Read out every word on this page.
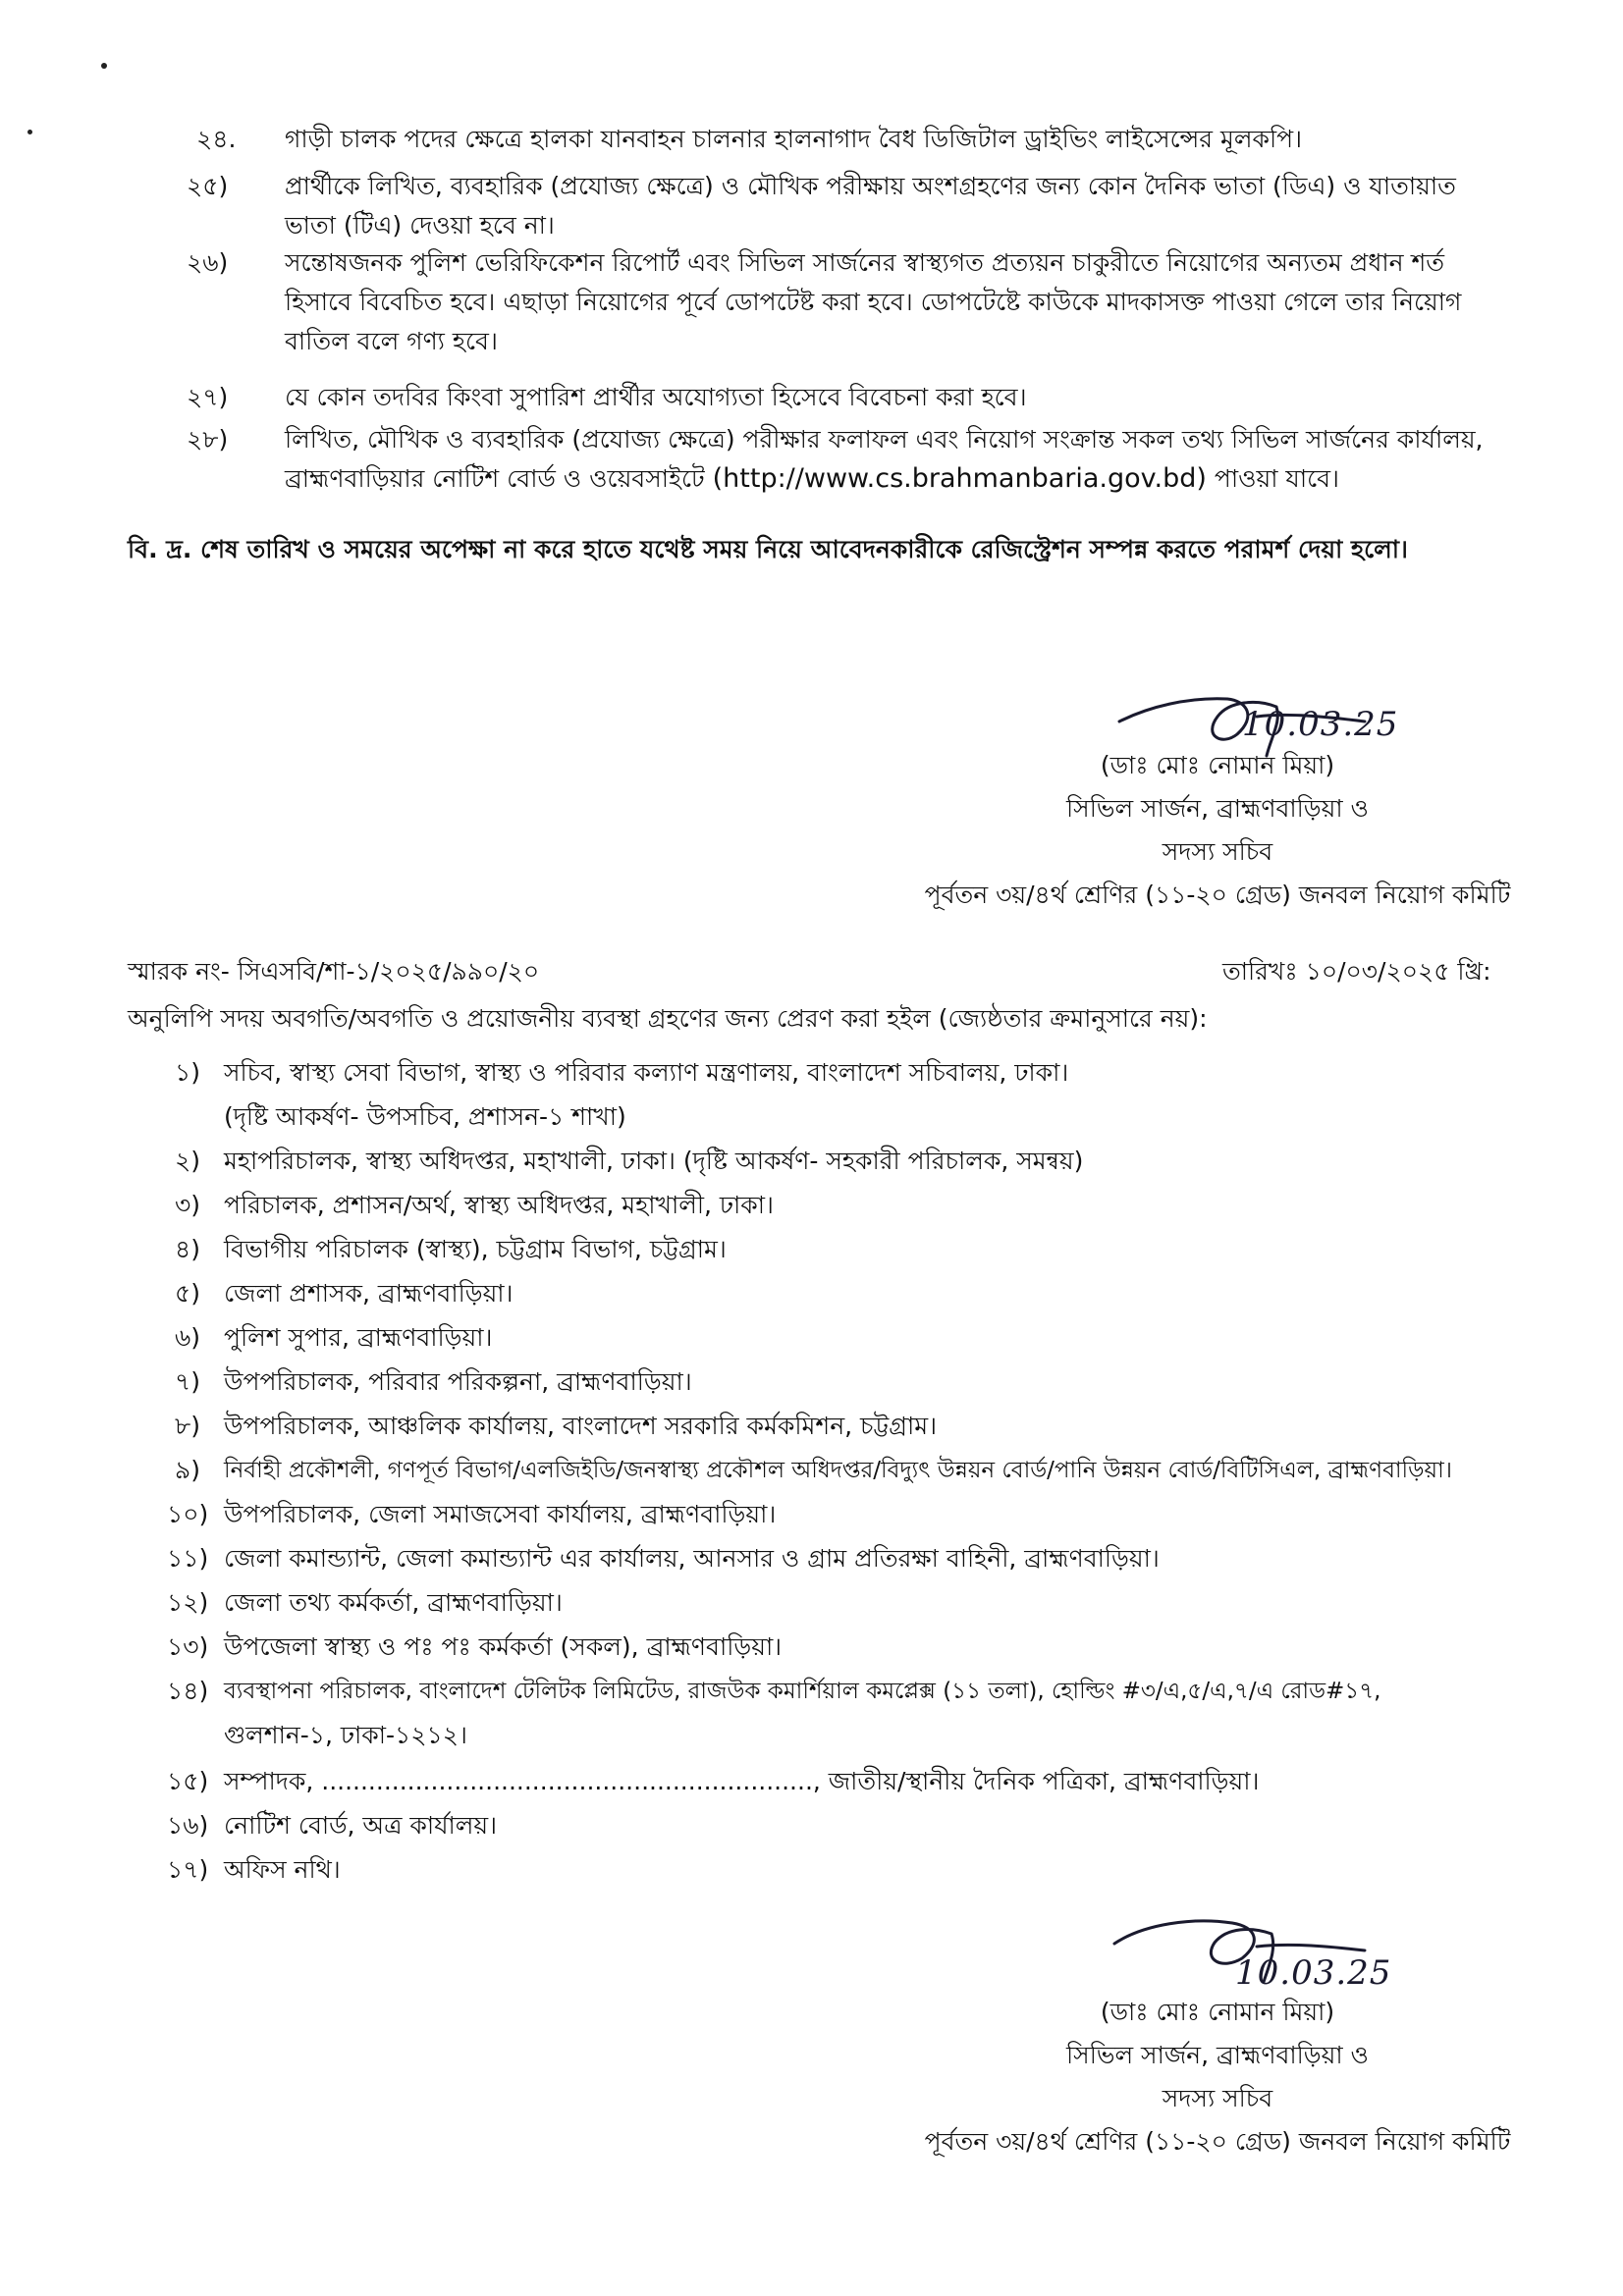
২৪. গাড়ী চালক পদের ক্ষেত্রে হালকা যানবাহন চালনার হালনাগাদ বৈধ ডিজিটাল ড্রাইভিং লাইসেন্সের মূলকপি।
২৫) প্রার্থীকে লিখিত, ব্যবহারিক (প্রযোজ্য ক্ষেত্রে) ও মৌখিক পরীক্ষায় অংশগ্রহণের জন্য কোন দৈনিক ভাতা (ডিএ) ও যাতায়াত ভাতা (টিএ) দেওয়া হবে না।
২৬) সন্তোষজনক পুলিশ ভেরিফিকেশন রিপোর্ট এবং সিভিল সার্জনের স্বাস্থ্যগত প্রত্যয়ন চাকুরীতে নিয়োগের অন্যতম প্রধান শর্ত হিসাবে বিবেচিত হবে। এছাড়া নিয়োগের পূর্বে ডোপটেষ্ট করা হবে। ডোপটেষ্টে কাউকে মাদকাসক্ত পাওয়া গেলে তার নিয়োগ বাতিল বলে গণ্য হবে।
২৭) যে কোন তদবির কিংবা সুপারিশ প্রার্থীর অযোগ্যতা হিসেবে বিবেচনা করা হবে।
২৮) লিখিত, মৌখিক ও ব্যবহারিক (প্রযোজ্য ক্ষেত্রে) পরীক্ষার ফলাফল এবং নিয়োগ সংক্রান্ত সকল তথ্য সিভিল সার্জনের কার্যালয়, ব্রাহ্মণবাড়িয়ার নোটিশ বোর্ড ও ওয়েবসাইটে (http://www.cs.brahmanbaria.gov.bd) পাওয়া যাবে।
বি. দ্র. শেষ তারিখ ও সময়ের অপেক্ষা না করে হাতে যথেষ্ট সময় নিয়ে আবেদনকারীকে রেজিস্ট্রেশন সম্পন্ন করতে পরামর্শ দেয়া হলো।
10.03.25
(ডাঃ মোঃ নোমান মিয়া)
সিভিল সার্জন, ব্রাহ্মণবাড়িয়া ও
সদস্য সচিব
পূর্বতন ৩য়/৪র্থ শ্রেণির (১১-২০ গ্রেড) জনবল নিয়োগ কমিটি
স্মারক নং- সিএসবি/শা-১/২০২৫/৯৯০/২০	তারিখঃ ১০/০৩/২০২৫ খ্রি:
অনুলিপি সদয় অবগতি/অবগতি ও প্রয়োজনীয় ব্যবস্থা গ্রহণের জন্য প্রেরণ করা হইল (জ্যেষ্ঠতার ক্রমানুসারে নয়):
১) সচিব, স্বাস্থ্য সেবা বিভাগ, স্বাস্থ্য ও পরিবার কল্যাণ মন্ত্রণালয়, বাংলাদেশ সচিবালয়, ঢাকা।
(দৃষ্টি আকর্ষণ- উপসচিব, প্রশাসন-১ শাখা)
২) মহাপরিচালক, স্বাস্থ্য অধিদপ্তর, মহাখালী, ঢাকা। (দৃষ্টি আকর্ষণ- সহকারী পরিচালক, সমন্বয়)
৩) পরিচালক, প্রশাসন/অর্থ, স্বাস্থ্য অধিদপ্তর, মহাখালী, ঢাকা।
৪) বিভাগীয় পরিচালক (স্বাস্থ্য), চট্টগ্রাম বিভাগ, চট্টগ্রাম।
৫) জেলা প্রশাসক, ব্রাহ্মণবাড়িয়া।
৬) পুলিশ সুপার, ব্রাহ্মণবাড়িয়া।
৭) উপপরিচালক, পরিবার পরিকল্পনা, ব্রাহ্মণবাড়িয়া।
৮) উপপরিচালক, আঞ্চলিক কার্যালয়, বাংলাদেশ সরকারি কর্মকমিশন, চট্টগ্রাম।
৯) নির্বাহী প্রকৌশলী, গণপূর্ত বিভাগ/এলজিইডি/জনস্বাস্থ্য প্রকৌশল অধিদপ্তর/বিদ্যুৎ উন্নয়ন বোর্ড/পানি উন্নয়ন বোর্ড/বিটিসিএল, ব্রাহ্মণবাড়িয়া।
১০) উপপরিচালক, জেলা সমাজসেবা কার্যালয়, ব্রাহ্মণবাড়িয়া।
১১) জেলা কমান্ড্যান্ট, জেলা কমান্ড্যান্ট এর কার্যালয়, আনসার ও গ্রাম প্রতিরক্ষা বাহিনী, ব্রাহ্মণবাড়িয়া।
১২) জেলা তথ্য কর্মকর্তা, ব্রাহ্মণবাড়িয়া।
১৩) উপজেলা স্বাস্থ্য ও পঃ পঃ কর্মকর্তা (সকল), ব্রাহ্মণবাড়িয়া।
১৪) ব্যবস্থাপনা পরিচালক, বাংলাদেশ টেলিটক লিমিটেড, রাজউক কমার্শিয়াল কমপ্লেক্স (১১ তলা), হোল্ডিং #৩/এ,৫/এ,৭/এ রোড#১৭,
গুলশান-১, ঢাকা-১২১২।
১৫) সম্পাদক, ..............................................................., জাতীয়/স্থানীয় দৈনিক পত্রিকা, ব্রাহ্মণবাড়িয়া।
১৬) নোটিশ বোর্ড, অত্র কার্যালয়।
১৭) অফিস নথি।
10.03.25
(ডাঃ মোঃ নোমান মিয়া)
সিভিল সার্জন, ব্রাহ্মণবাড়িয়া ও
সদস্য সচিব
পূর্বতন ৩য়/৪র্থ শ্রেণির (১১-২০ গ্রেড) জনবল নিয়োগ কমিটি
